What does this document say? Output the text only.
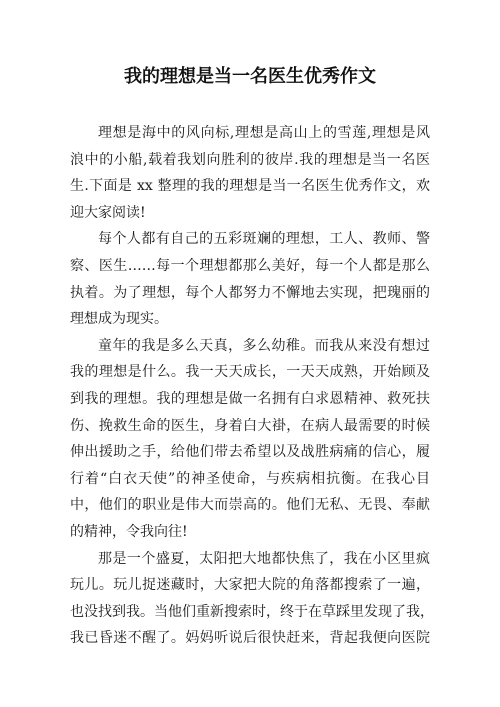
我的理想是当一名医生优秀作文
理想是海中的风向标,理想是高山上的雪莲,理想是风
浪中的小船,载着我划向胜利的彼岸.我的理想是当一名医
生.下面是 xx 整理的我的理想是当一名医生优秀作文，欢
迎大家阅读!
每个人都有自己的五彩斑斓的理想，工人、教师、警
察、医生……每一个理想都那么美好，每一个人都是那么
执着。为了理想，每个人都努力不懈地去实现，把瑰丽的
理想成为现实。
童年的我是多么天真，多么幼稚。而我从来没有想过
我的理想是什么。我一天天成长，一天天成熟，开始顾及
到我的理想。我的理想是做一名拥有白求恩精神、救死扶
伤、挽救生命的医生，身着白大褂，在病人最需要的时候
伸出援助之手，给他们带去希望以及战胜病痛的信心，履
行着“白衣天使”的神圣使命，与疾病相抗衡。在我心目
中，他们的职业是伟大而崇高的。他们无私、无畏、奉献
的精神，令我向往!
那是一个盛夏，太阳把大地都快焦了，我在小区里疯
玩儿。玩儿捉迷藏时，大家把大院的角落都搜索了一遍，
也没找到我。当他们重新搜索时，终于在草踩里发现了我，
我已昏迷不醒了。妈妈听说后很快赶来，背起我便向医院
